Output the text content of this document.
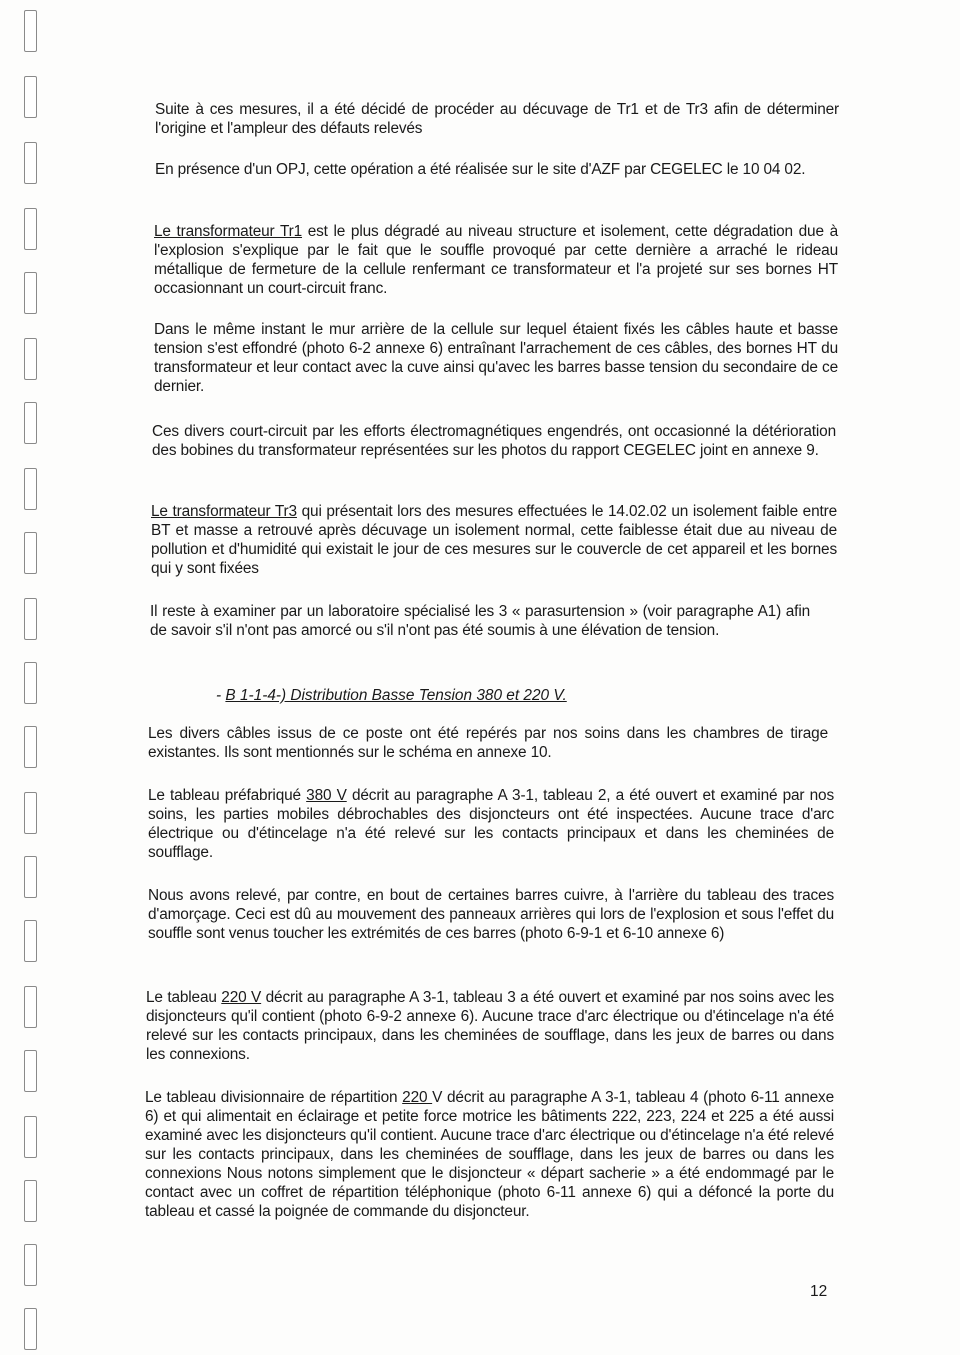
Suite à ces mesures, il a été décidé de procéder au décuvage de Tr1 et de Tr3 afin de déterminer l'origine et l'ampleur des défauts relevés
En présence d'un OPJ, cette opération a été réalisée sur le site d'AZF par CEGELEC le 10 04 02.
Le transformateur Tr1 est le plus dégradé au niveau structure et isolement, cette dégradation due à l'explosion s'explique par le fait que le souffle provoqué par cette dernière a arraché le rideau métallique de fermeture de la cellule renfermant ce transformateur et l'a projeté sur ses bornes HT occasionnant un court-circuit franc.
Dans le même instant le mur arrière de la cellule sur lequel étaient fixés les câbles haute et basse tension s'est effondré (photo 6-2 annexe 6) entraînant l'arrachement de ces câbles, des bornes HT du transformateur et leur contact avec la cuve ainsi qu'avec les barres basse tension du secondaire de ce dernier.
Ces divers court-circuit par les efforts électromagnétiques engendrés, ont occasionné la détérioration des bobines du transformateur représentées sur les photos du rapport CEGELEC joint en annexe 9.
Le transformateur Tr3 qui présentait lors des mesures effectuées le 14.02.02 un isolement faible entre BT et masse a retrouvé après décuvage un isolement normal, cette faiblesse était due au niveau de pollution et d'humidité qui existait le jour de ces mesures sur le couvercle de cet appareil et les bornes qui y sont fixées
Il reste à examiner par un laboratoire spécialisé les 3 « parasurtension » (voir paragraphe A1) afin de savoir s'il n'ont pas amorcé ou s'il n'ont pas été soumis à une élévation de tension.
- B 1-1-4-) Distribution Basse Tension 380 et 220 V.
Les divers câbles issus de ce poste ont été repérés par nos soins dans les chambres de tirage existantes. Ils sont mentionnés sur le schéma en annexe 10.
Le tableau préfabriqué 380 V décrit au paragraphe A 3-1, tableau 2, a été ouvert et examiné par nos soins, les parties mobiles débrochables des disjoncteurs ont été inspectées. Aucune trace d'arc électrique ou d'étincelage n'a été relevé sur les contacts principaux et dans les cheminées de soufflage.
Nous avons relevé, par contre, en bout de certaines barres cuivre, à l'arrière du tableau des traces d'amorçage. Ceci est dû au mouvement des panneaux arrières qui lors de l'explosion et sous l'effet du souffle sont venus toucher les extrémités de ces barres (photo 6-9-1 et 6-10 annexe 6)
Le tableau 220 V décrit au paragraphe A 3-1, tableau 3 a été ouvert et examiné par nos soins avec les disjoncteurs qu'il contient (photo 6-9-2 annexe 6). Aucune trace d'arc électrique ou d'étincelage n'a été relevé sur les contacts principaux, dans les cheminées de soufflage, dans les jeux de barres ou dans les connexions.
Le tableau divisionnaire de répartition 220 V décrit au paragraphe A 3-1, tableau 4 (photo 6-11 annexe 6) et qui alimentait en éclairage et petite force motrice les bâtiments 222, 223, 224 et 225 a été aussi examiné avec les disjoncteurs qu'il contient. Aucune trace d'arc électrique ou d'étincelage n'a été relevé sur les contacts principaux, dans les cheminées de soufflage, dans les jeux de barres ou dans les connexions Nous notons simplement que le disjoncteur « départ sacherie » a été endommagé par le contact avec un coffret de répartition téléphonique (photo 6-11 annexe 6) qui a défoncé la porte du tableau et cassé la poignée de commande du disjoncteur.
12
